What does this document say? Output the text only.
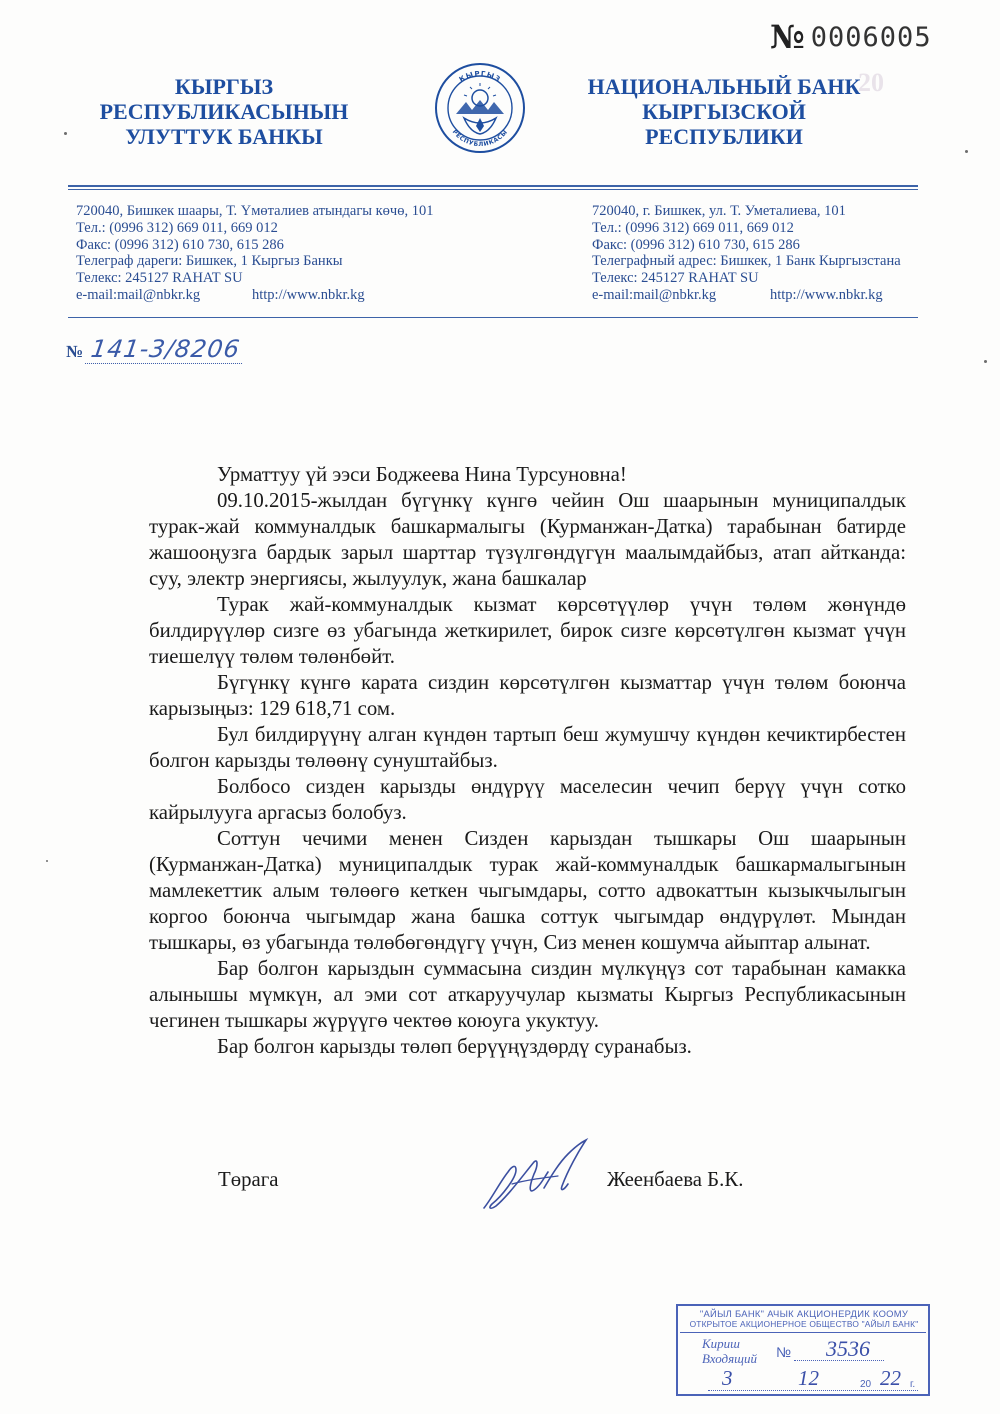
20
№ 0006005
КЫРГЫЗ
РЕСПУБЛИКАСЫНЫН
УЛУТТУК БАНКЫ
НАЦИОНАЛЬНЫЙ БАНК
КЫРГЫЗСКОЙ
РЕСПУБЛИКИ
КЫРГЫЗ
РЕСПУБЛИКАСЫ
720040, Бишкек шаары, Т. Үмөталиев атындагы көчө, 101
Тел.: (0996 312) 669 011, 669 012
Факс: (0996 312) 610 730, 615 286
Телеграф дареги: Бишкек, 1 Кыргыз Банкы
Телекс: 245127 RAHAT SU
e-mail:mail@nbkr.kg	http://www.nbkr.kg
720040, г. Бишкек, ул. Т. Уметалиева, 101
Тел.: (0996 312) 669 011, 669 012
Факс: (0996 312) 610 730, 615 286
Телеграфный адрес: Бишкек, 1 Банк Кыргызстана
Телекс: 245127 RAHAT SU
e-mail:mail@nbkr.kg	http://www.nbkr.kg
№ 141-3/8206

Урматтуу үй ээси Боджеева Нина Турсуновна!

09.10.2015-жылдан бүгүнкү күнгө чейин Ош шаарынын муниципалдык турак-жай коммуналдык башкармалыгы (Курманжан-Датка) тарабынан батирде жашооңузга бардык зарыл шарттар түзүлгөндүгүн маалымдайбыз, атап айтканда: суу, электр энергиясы, жылуулук, жана башкалар

Турак жай-коммуналдык кызмат көрсөтүүлөр үчүн төлөм жөнүндө билдирүүлөр сизге өз убагында жеткирилет, бирок сизге көрсөтүлгөн кызмат үчүн тиешелүү төлөм төлөнбөйт.

Бүгүнкү күнгө карата сиздин көрсөтүлгөн кызматтар үчүн төлөм боюнча карызыңыз: 129 618,71 сом.

Бул билдирүүнү алган күндөн тартып беш жумушчу күндөн кечиктирбестен болгон карызды төлөөнү сунуштайбыз.

Болбосо сизден карызды өндүрүү маселесин чечип берүү үчүн сотко кайрылууга аргасыз болобуз.

Соттун чечими менен Сизден карыздан тышкары Ош шаарынын (Курманжан-Датка) муниципалдык турак жай-коммуналдык башкармалыгынын мамлекеттик алым төлөөгө кеткен чыгымдары, сотто адвокаттын кызыкчылыгын коргоо боюнча чыгымдар жана башка соттук чыгымдар өндүрүлөт. Мындан тышкары, өз убагында төлөбөгөндүгү үчүн, Сиз менен кошумча айыптар алынат.

Бар болгон карыздын суммасына сиздин мүлкүңүз сот тарабынан камакка алынышы мүмкүн, ал эми сот аткаруучулар кызматы Кыргыз Республикасынын чегинен тышкары жүрүүгө чектөө коюуга укуктуу.

Бар болгон карызды төлөп берүүңүздөрдү суранабыз.

Төрага	Жеенбаева Б.К.
"АЙЫЛ БАНК" АЧЫК АКЦИОНЕРДИК КООМУ
ОТКРЫТОЕ АКЦИОНЕРНОЕ ОБЩЕСТВО "АЙЫЛ БАНК"
Кириш
Входящий № 3536
3	12	20 22 г.
